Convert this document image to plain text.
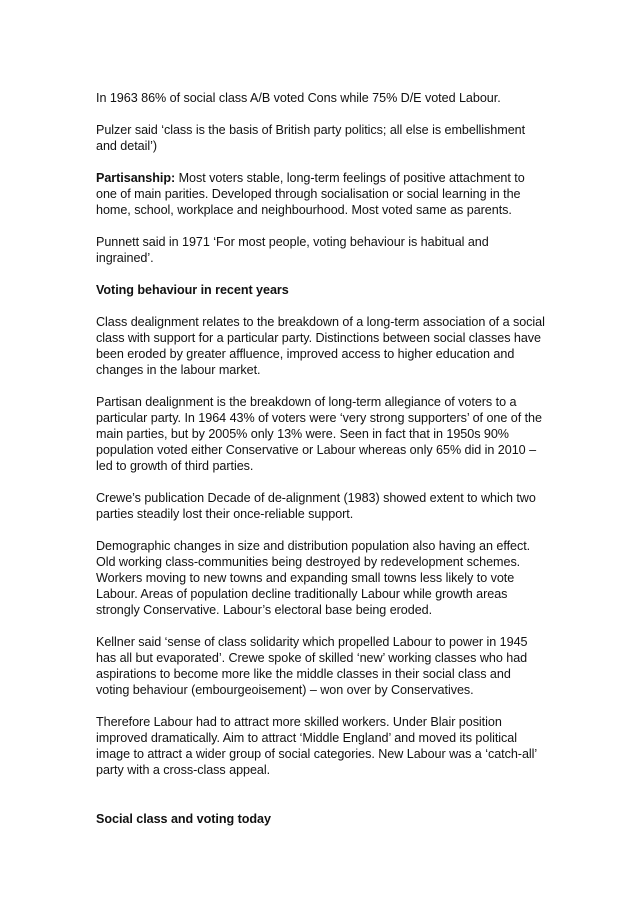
In 1963 86% of social class A/B voted Cons while 75% D/E voted Labour.

Pulzer said ‘class is the basis of British party politics; all else is embellishment and detail’)

Partisanship: Most voters stable, long-term feelings of positive attachment to one of main parities. Developed through socialisation or social learning in the home, school, workplace and neighbourhood. Most voted same as parents.

Punnett said in 1971 ‘For most people, voting behaviour is habitual and ingrained’.

Voting behaviour in recent years

Class dealignment relates to the breakdown of a long-term association of a social class with support for a particular party. Distinctions between social classes have been eroded by greater affluence, improved access to higher education and changes in the labour market.

Partisan dealignment is the breakdown of long-term allegiance of voters to a particular party. In 1964 43% of voters were ‘very strong supporters’ of one of the main parties, but by 2005% only 13% were. Seen in fact that in 1950s 90% population voted either Conservative or Labour whereas only 65% did in 2010 – led to growth of third parties.

Crewe’s publication Decade of de-alignment (1983) showed extent to which two parties steadily lost their once-reliable support.

Demographic changes in size and distribution population also having an effect. Old working class-communities being destroyed by redevelopment schemes. Workers moving to new towns and expanding small towns less likely to vote Labour. Areas of population decline traditionally Labour while growth areas strongly Conservative. Labour’s electoral base being eroded.

Kellner said ‘sense of class solidarity which propelled Labour to power in 1945 has all but evaporated’. Crewe spoke of skilled ‘new’ working classes who had aspirations to become more like the middle classes in their social class and voting behaviour (embourgeoisement) – won over by Conservatives.

Therefore Labour had to attract more skilled workers. Under Blair position improved dramatically. Aim to attract ‘Middle England’ and moved its political image to attract a wider group of social categories. New Labour was a ‘catch-all’ party with a cross-class appeal.

Social class and voting today
